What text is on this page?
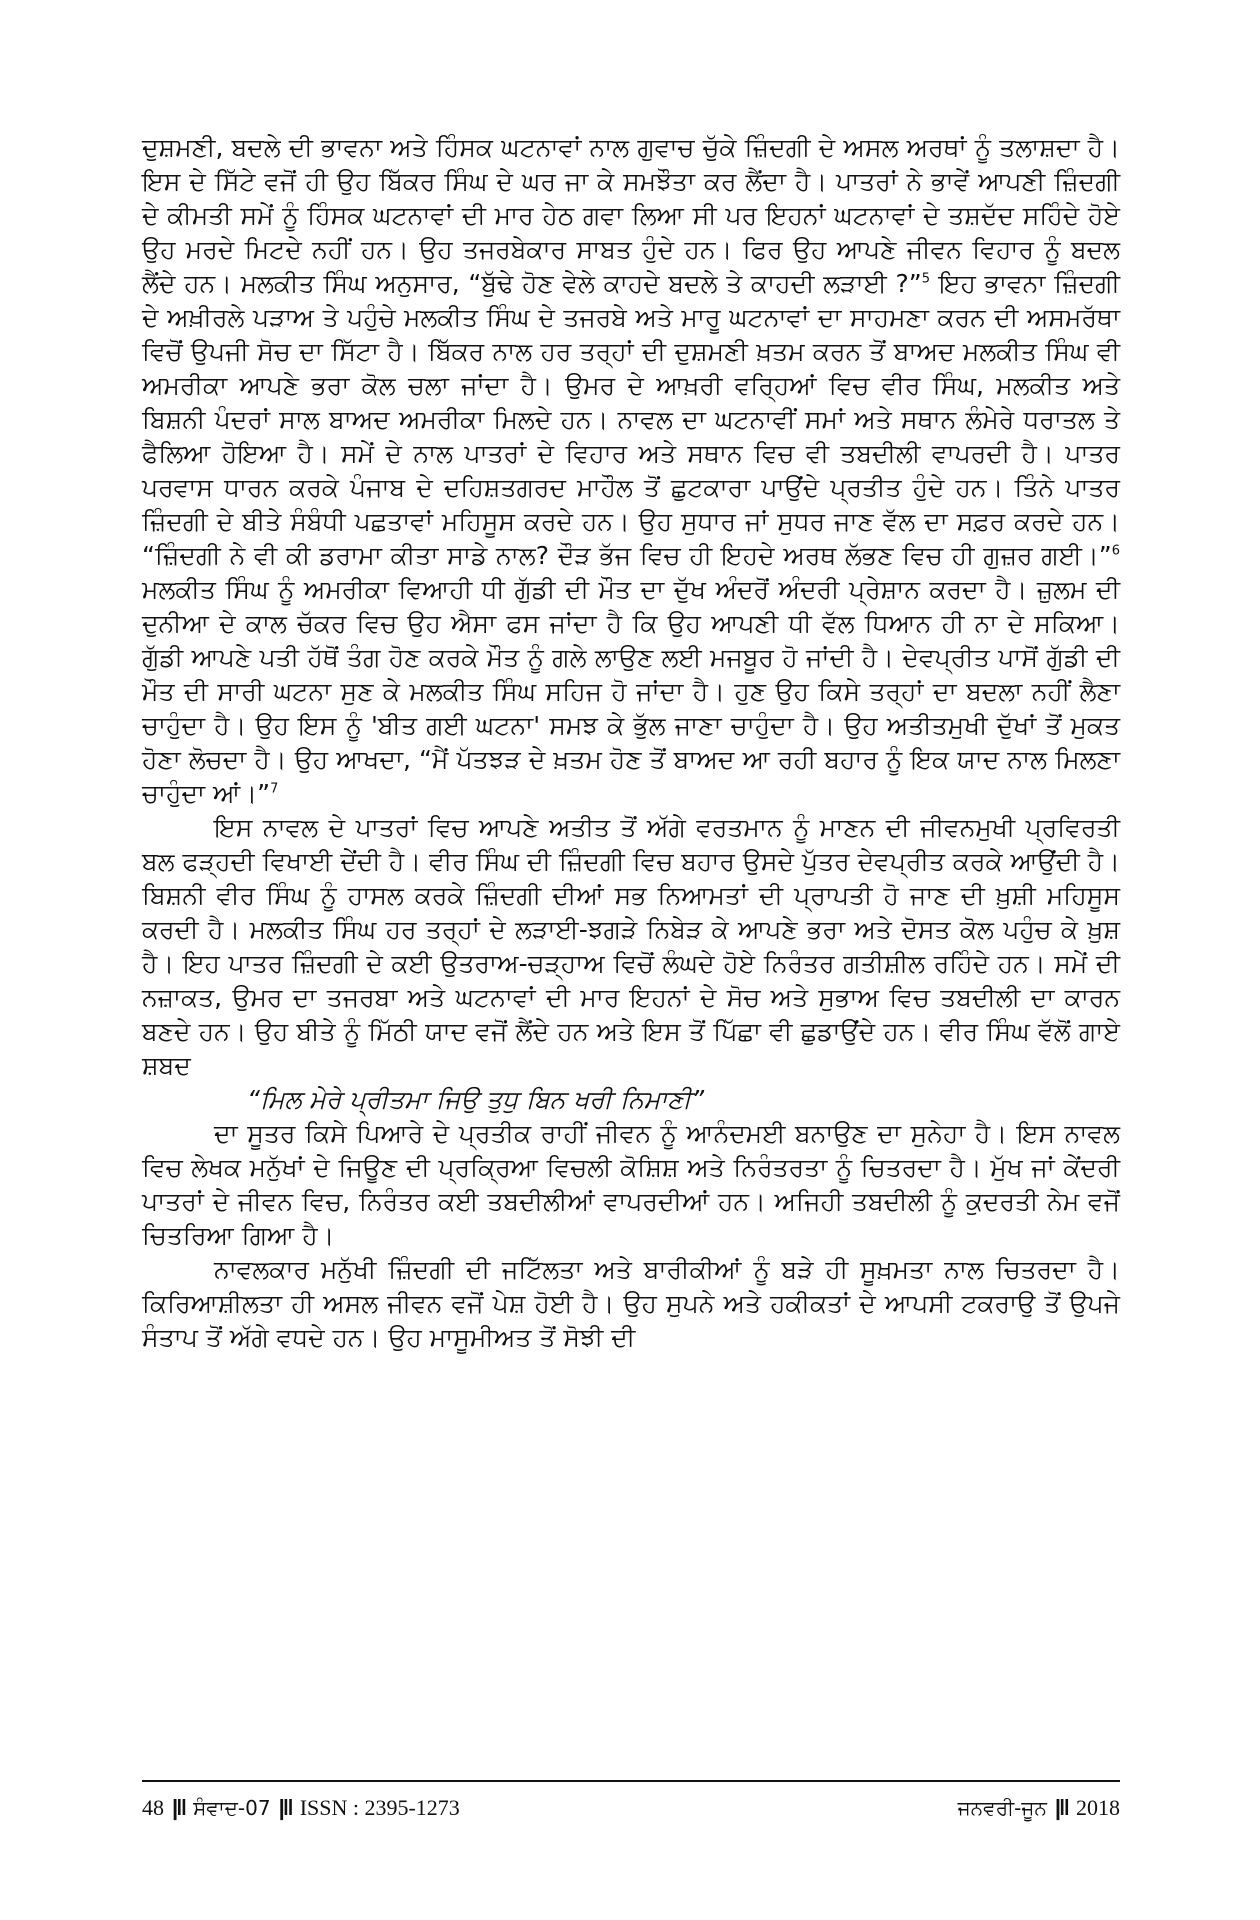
ਦੁਸ਼ਮਣੀ, ਬਦਲੇ ਦੀ ਭਾਵਨਾ ਅਤੇ ਹਿੰਸਕ ਘਟਨਾਵਾਂ ਨਾਲ ਗੁਵਾਚ ਚੁੱਕੇ ਜ਼ਿੰਦਗੀ ਦੇ ਅਸਲ ਅਰਥਾਂ ਨੂੰ ਤਲਾਸ਼ਦਾ ਹੈ। ਇਸ ਦੇ ਸਿੱਟੇ ਵਜੋਂ ਹੀ ਉਹ ਬਿੱਕਰ ਸਿੰਘ ਦੇ ਘਰ ਜਾ ਕੇ ਸਮਝੌਤਾ ਕਰ ਲੈਂਦਾ ਹੈ। ਪਾਤਰਾਂ ਨੇ ਭਾਵੇਂ ਆਪਣੀ ਜ਼ਿੰਦਗੀ ਦੇ ਕੀਮਤੀ ਸਮੇਂ ਨੂੰ ਹਿੰਸਕ ਘਟਨਾਵਾਂ ਦੀ ਮਾਰ ਹੇਠ ਗਵਾ ਲਿਆ ਸੀ ਪਰ ਇਹਨਾਂ ਘਟਨਾਵਾਂ ਦੇ ਤਸ਼ਦੱਦ ਸਹਿੰਦੇ ਹੋਏ ਉਹ ਮਰਦੇ ਮਿਟਦੇ ਨਹੀਂ ਹਨ। ਉਹ ਤਜਰਬੇਕਾਰ ਸਾਬਤ ਹੁੰਦੇ ਹਨ। ਫਿਰ ਉਹ ਆਪਣੇ ਜੀਵਨ ਵਿਹਾਰ ਨੂੰ ਬਦਲ ਲੈਂਦੇ ਹਨ। ਮਲਕੀਤ ਸਿੰਘ ਅਨੁਸਾਰ, “ਬੁੱਢੇ ਹੋਣ ਵੇਲੇ ਕਾਹਦੇ ਬਦਲੇ ਤੇ ਕਾਹਦੀ ਲੜਾਈ ?”$^5$ ਇਹ ਭਾਵਨਾ ਜ਼ਿੰਦਗੀ ਦੇ ਅਖ਼ੀਰਲੇ ਪੜਾਅ ਤੇ ਪਹੁੰਚੇ ਮਲਕੀਤ ਸਿੰਘ ਦੇ ਤਜਰਬੇ ਅਤੇ ਮਾਰੂ ਘਟਨਾਵਾਂ ਦਾ ਸਾਹਮਣਾ ਕਰਨ ਦੀ ਅਸਮਰੱਥਾ ਵਿਚੋਂ ਉਪਜੀ ਸੋਚ ਦਾ ਸਿੱਟਾ ਹੈ। ਬਿੱਕਰ ਨਾਲ ਹਰ ਤਰ੍ਹਾਂ ਦੀ ਦੁਸ਼ਮਣੀ ਖ਼ਤਮ ਕਰਨ ਤੋਂ ਬਾਅਦ ਮਲਕੀਤ ਸਿੰਘ ਵੀ ਅਮਰੀਕਾ ਆਪਣੇ ਭਰਾ ਕੋਲ ਚਲਾ ਜਾਂਦਾ ਹੈ। ਉਮਰ ਦੇ ਆਖ਼ਰੀ ਵਰ੍ਹਿਆਂ ਵਿਚ ਵੀਰ ਸਿੰਘ, ਮਲਕੀਤ ਅਤੇ ਬਿਸ਼ਨੀ ਪੰਦਰਾਂ ਸਾਲ ਬਾਅਦ ਅਮਰੀਕਾ ਮਿਲਦੇ ਹਨ। ਨਾਵਲ ਦਾ ਘਟਨਾਵੀਂ ਸਮਾਂ ਅਤੇ ਸਥਾਨ ਲੰਮੇਰੇ ਧਰਾਤਲ ਤੇ ਫੈਲਿਆ ਹੋਇਆ ਹੈ। ਸਮੇਂ ਦੇ ਨਾਲ ਪਾਤਰਾਂ ਦੇ ਵਿਹਾਰ ਅਤੇ ਸਥਾਨ ਵਿਚ ਵੀ ਤਬਦੀਲੀ ਵਾਪਰਦੀ ਹੈ। ਪਾਤਰ ਪਰਵਾਸ ਧਾਰਨ ਕਰਕੇ ਪੰਜਾਬ ਦੇ ਦਹਿਸ਼ਤਗਰਦ ਮਾਹੌਲ ਤੋਂ ਛੁਟਕਾਰਾ ਪਾਉਂਦੇ ਪ੍ਰਤੀਤ ਹੁੰਦੇ ਹਨ। ਤਿੰਨੇ ਪਾਤਰ ਜ਼ਿੰਦਗੀ ਦੇ ਬੀਤੇ ਸੰਬੰਧੀ ਪਛਤਾਵਾਂ ਮਹਿਸੂਸ ਕਰਦੇ ਹਨ। ਉਹ ਸੁਧਾਰ ਜਾਂ ਸੁਧਰ ਜਾਣ ਵੱਲ ਦਾ ਸਫ਼ਰ ਕਰਦੇ ਹਨ। “ਜ਼ਿੰਦਗੀ ਨੇ ਵੀ ਕੀ ਡਰਾਮਾ ਕੀਤਾ ਸਾਡੇ ਨਾਲ? ਦੌੜ ਭੱਜ ਵਿਚ ਹੀ ਇਹਦੇ ਅਰਥ ਲੱਭਣ ਵਿਚ ਹੀ ਗੁਜ਼ਰ ਗਈ।”$^6$ ਮਲਕੀਤ ਸਿੰਘ ਨੂੰ ਅਮਰੀਕਾ ਵਿਆਹੀ ਧੀ ਗੁੱਡੀ ਦੀ ਮੌਤ ਦਾ ਦੁੱਖ ਅੰਦਰੋਂ ਅੰਦਰੀ ਪ੍ਰੇਸ਼ਾਨ ਕਰਦਾ ਹੈ। ਜ਼ੁਲਮ ਦੀ ਦੁਨੀਆ ਦੇ ਕਾਲ ਚੱਕਰ ਵਿਚ ਉਹ ਐਸਾ ਫਸ ਜਾਂਦਾ ਹੈ ਕਿ ਉਹ ਆਪਣੀ ਧੀ ਵੱਲ ਧਿਆਨ ਹੀ ਨਾ ਦੇ ਸਕਿਆ। ਗੁੱਡੀ ਆਪਣੇ ਪਤੀ ਹੱਥੋਂ ਤੰਗ ਹੋਣ ਕਰਕੇ ਮੌਤ ਨੂੰ ਗਲੇ ਲਾਉਣ ਲਈ ਮਜਬੂਰ ਹੋ ਜਾਂਦੀ ਹੈ। ਦੇਵਪ੍ਰੀਤ ਪਾਸੋਂ ਗੁੱਡੀ ਦੀ ਮੌਤ ਦੀ ਸਾਰੀ ਘਟਨਾ ਸੁਣ ਕੇ ਮਲਕੀਤ ਸਿੰਘ ਸਹਿਜ ਹੋ ਜਾਂਦਾ ਹੈ। ਹੁਣ ਉਹ ਕਿਸੇ ਤਰ੍ਹਾਂ ਦਾ ਬਦਲਾ ਨਹੀਂ ਲੈਣਾ ਚਾਹੁੰਦਾ ਹੈ। ਉਹ ਇਸ ਨੂੰ 'ਬੀਤ ਗਈ ਘਟਨਾ' ਸਮਝ ਕੇ ਭੁੱਲ ਜਾਣਾ ਚਾਹੁੰਦਾ ਹੈ। ਉਹ ਅਤੀਤਮੁਖੀ ਦੁੱਖਾਂ ਤੋਂ ਮੁਕਤ ਹੋਣਾ ਲੋਚਦਾ ਹੈ। ਉਹ ਆਖਦਾ, “ਮੈਂ ਪੱਤਝੜ ਦੇ ਖ਼ਤਮ ਹੋਣ ਤੋਂ ਬਾਅਦ ਆ ਰਹੀ ਬਹਾਰ ਨੂੰ ਇਕ ਯਾਦ ਨਾਲ ਮਿਲਣਾ ਚਾਹੁੰਦਾ ਆਂ।”$^7$

ਇਸ ਨਾਵਲ ਦੇ ਪਾਤਰਾਂ ਵਿਚ ਆਪਣੇ ਅਤੀਤ ਤੋਂ ਅੱਗੇ ਵਰਤਮਾਨ ਨੂੰ ਮਾਣਨ ਦੀ ਜੀਵਨਮੁਖੀ ਪ੍ਰਵਿਰਤੀ ਬਲ ਫੜ੍ਹਦੀ ਵਿਖਾਈ ਦੇਂਦੀ ਹੈ। ਵੀਰ ਸਿੰਘ ਦੀ ਜ਼ਿੰਦਗੀ ਵਿਚ ਬਹਾਰ ਉਸਦੇ ਪੁੱਤਰ ਦੇਵਪ੍ਰੀਤ ਕਰਕੇ ਆਉਂਦੀ ਹੈ। ਬਿਸ਼ਨੀ ਵੀਰ ਸਿੰਘ ਨੂੰ ਹਾਸਲ ਕਰਕੇ ਜ਼ਿੰਦਗੀ ਦੀਆਂ ਸਭ ਨਿਆਮਤਾਂ ਦੀ ਪ੍ਰਾਪਤੀ ਹੋ ਜਾਣ ਦੀ ਖ਼ੁਸ਼ੀ ਮਹਿਸੂਸ ਕਰਦੀ ਹੈ। ਮਲਕੀਤ ਸਿੰਘ ਹਰ ਤਰ੍ਹਾਂ ਦੇ ਲੜਾਈ-ਝਗੜੇ ਨਿਬੇੜ ਕੇ ਆਪਣੇ ਭਰਾ ਅਤੇ ਦੋਸਤ ਕੋਲ ਪਹੁੰਚ ਕੇ ਖ਼ੁਸ਼ ਹੈ। ਇਹ ਪਾਤਰ ਜ਼ਿੰਦਗੀ ਦੇ ਕਈ ਉਤਰਾਅ-ਚੜ੍ਹਾਅ ਵਿਚੋਂ ਲੰਘਦੇ ਹੋਏ ਨਿਰੰਤਰ ਗਤੀਸ਼ੀਲ ਰਹਿੰਦੇ ਹਨ। ਸਮੇਂ ਦੀ ਨਜ਼ਾਕਤ, ਉਮਰ ਦਾ ਤਜਰਬਾ ਅਤੇ ਘਟਨਾਵਾਂ ਦੀ ਮਾਰ ਇਹਨਾਂ ਦੇ ਸੋਚ ਅਤੇ ਸੁਭਾਅ ਵਿਚ ਤਬਦੀਲੀ ਦਾ ਕਾਰਨ ਬਣਦੇ ਹਨ। ਉਹ ਬੀਤੇ ਨੂੰ ਮਿੱਠੀ ਯਾਦ ਵਜੋਂ ਲੈਂਦੇ ਹਨ ਅਤੇ ਇਸ ਤੋਂ ਪਿੱਛਾ ਵੀ ਛੁਡਾਉਂਦੇ ਹਨ। ਵੀਰ ਸਿੰਘ ਵੱਲੋਂ ਗਾਏ ਸ਼ਬਦ

“ਮਿਲ ਮੇਰੇ ਪ੍ਰੀਤਮਾ ਜਿਉ ਤੁਧੁ ਬਿਨ ਖਰੀ ਨਿਮਾਣੀ”

ਦਾ ਸੂਤਰ ਕਿਸੇ ਪਿਆਰੇ ਦੇ ਪ੍ਰਤੀਕ ਰਾਹੀਂ ਜੀਵਨ ਨੂੰ ਆਨੰਦਮਈ ਬਨਾਉਣ ਦਾ ਸੁਨੇਹਾ ਹੈ। ਇਸ ਨਾਵਲ ਵਿਚ ਲੇਖਕ ਮਨੁੱਖਾਂ ਦੇ ਜਿਊਣ ਦੀ ਪ੍ਰਕ੍ਰਿਆ ਵਿਚਲੀ ਕੋਸ਼ਿਸ਼ ਅਤੇ ਨਿਰੰਤਰਤਾ ਨੂੰ ਚਿਤਰਦਾ ਹੈ। ਮੁੱਖ ਜਾਂ ਕੇਂਦਰੀ ਪਾਤਰਾਂ ਦੇ ਜੀਵਨ ਵਿਚ, ਨਿਰੰਤਰ ਕਈ ਤਬਦੀਲੀਆਂ ਵਾਪਰਦੀਆਂ ਹਨ। ਅਜਿਹੀ ਤਬਦੀਲੀ ਨੂੰ ਕੁਦਰਤੀ ਨੇਮ ਵਜੋਂ ਚਿਤਰਿਆ ਗਿਆ ਹੈ।

ਨਾਵਲਕਾਰ ਮਨੁੱਖੀ ਜ਼ਿੰਦਗੀ ਦੀ ਜਟਿੱਲਤਾ ਅਤੇ ਬਾਰੀਕੀਆਂ ਨੂੰ ਬੜੇ ਹੀ ਸੂਖ਼ਮਤਾ ਨਾਲ ਚਿਤਰਦਾ ਹੈ। ਕਿਰਿਆਸ਼ੀਲਤਾ ਹੀ ਅਸਲ ਜੀਵਨ ਵਜੋਂ ਪੇਸ਼ ਹੋਈ ਹੈ। ਉਹ ਸੁਪਨੇ ਅਤੇ ਹਕੀਕਤਾਂ ਦੇ ਆਪਸੀ ਟਕਰਾਉ ਤੋਂ ਉਪਜੇ ਸੰਤਾਪ ਤੋਂ ਅੱਗੇ ਵਧਦੇ ਹਨ। ਉਹ ਮਾਸੂਮੀਅਤ ਤੋਂ ਸੋਝੀ ਦੀ

48 |‖ ਸੰਵਾਦ-07 |‖ ISSN : 2395-1273	ਜਨਵਰੀ-ਜੂਨ |‖ 2018
